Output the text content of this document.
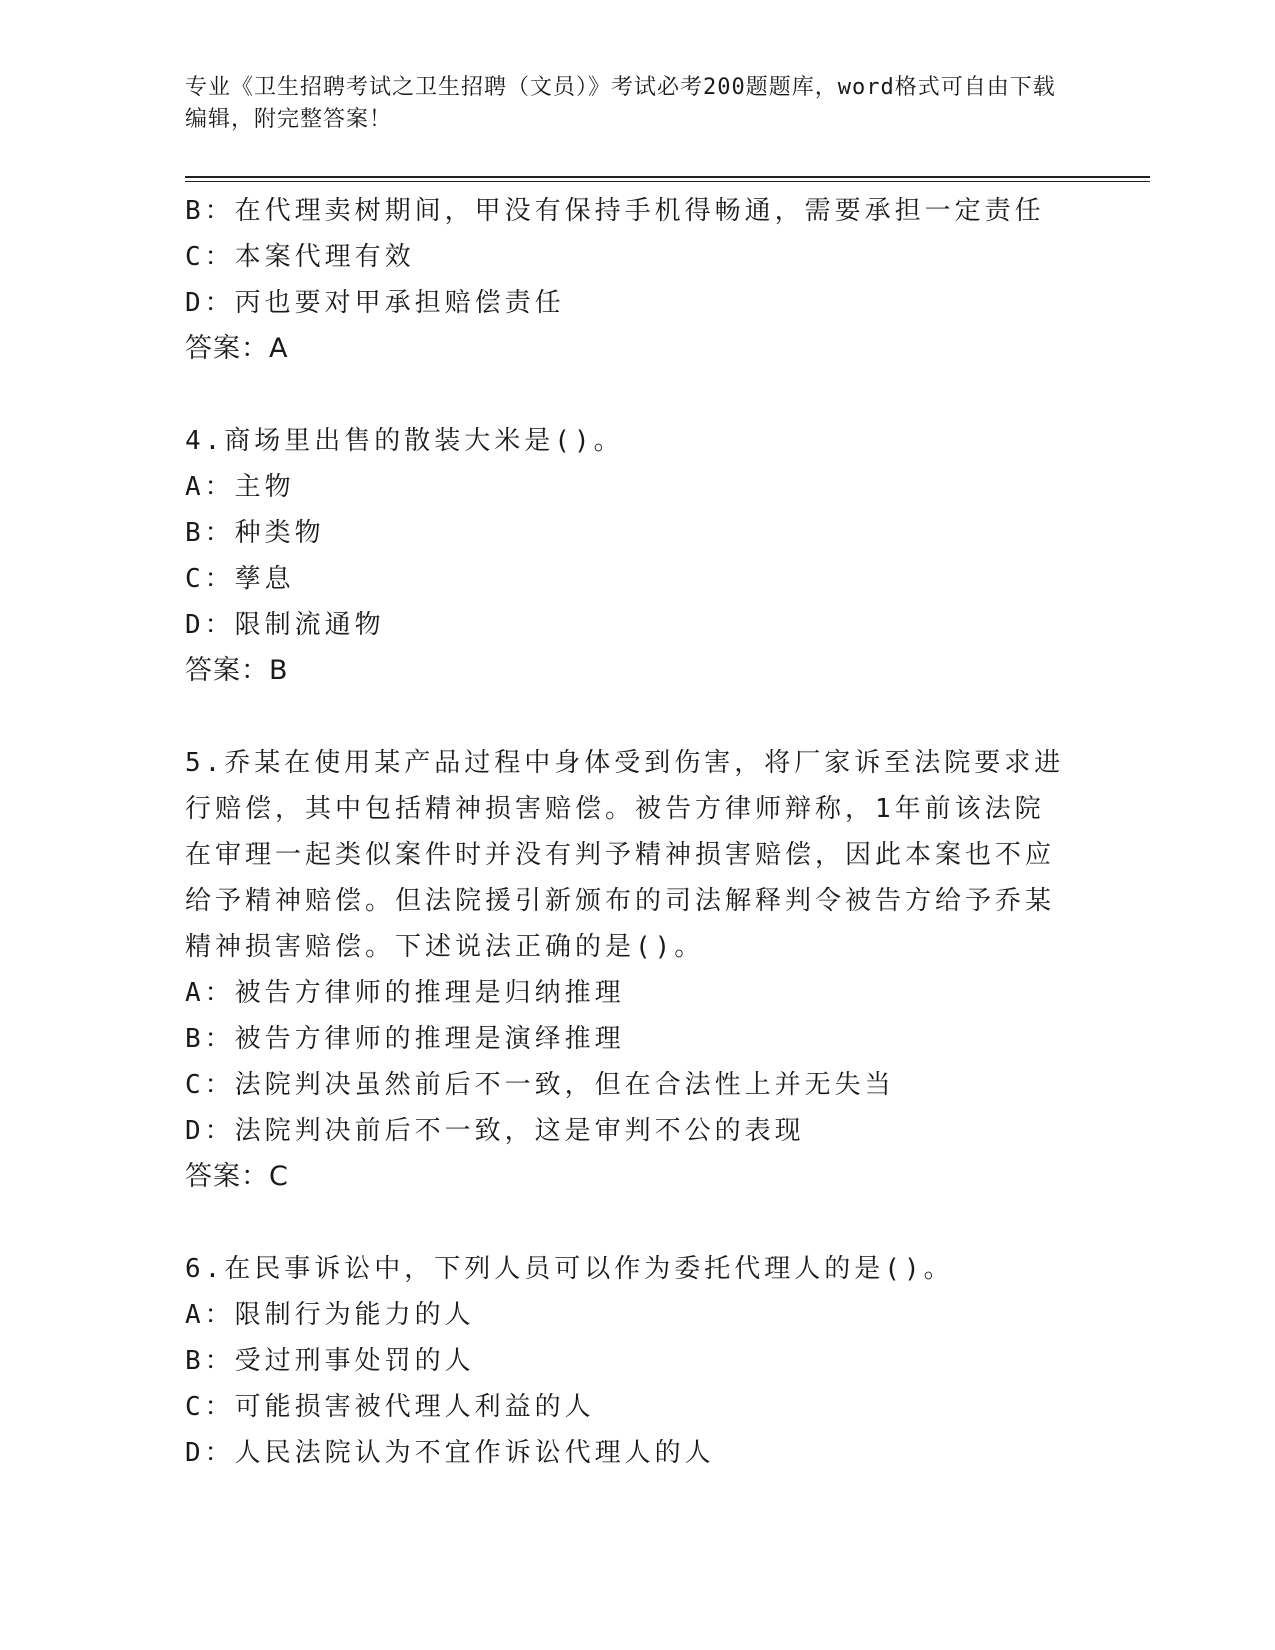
专业《卫生招聘考试之卫生招聘（文员）》考试必考200题题库，word格式可自由下载编辑，附完整答案！
B：在代理卖树期间，甲没有保持手机得畅通，需要承担一定责任
C：本案代理有效
D：丙也要对甲承担赔偿责任
答案：A
4.商场里出售的散装大米是()。
A：主物
B：种类物
C：孳息
D：限制流通物
答案：B
5.乔某在使用某产品过程中身体受到伤害，将厂家诉至法院要求进行赔偿，其中包括精神损害赔偿。被告方律师辩称，1年前该法院在审理一起类似案件时并没有判予精神损害赔偿，因此本案也不应给予精神赔偿。但法院援引新颁布的司法解释判令被告方给予乔某精神损害赔偿。下述说法正确的是()。
A：被告方律师的推理是归纳推理
B：被告方律师的推理是演绎推理
C：法院判决虽然前后不一致，但在合法性上并无失当
D：法院判决前后不一致，这是审判不公的表现
答案：C
6.在民事诉讼中，下列人员可以作为委托代理人的是()。
A：限制行为能力的人
B：受过刑事处罚的人
C：可能损害被代理人利益的人
D：人民法院认为不宜作诉讼代理人的人
